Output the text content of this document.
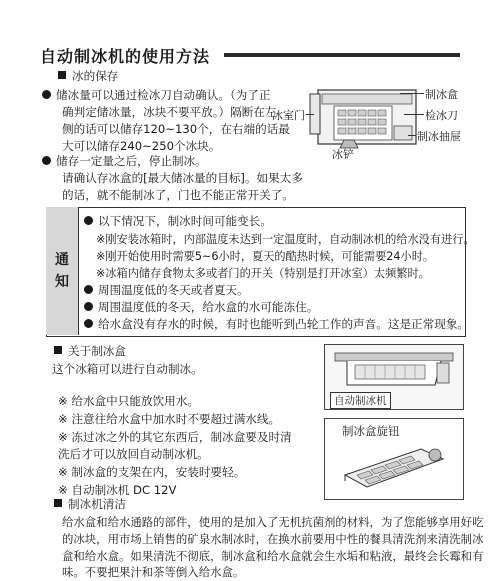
自动制冰机的使用方法
冰的保存
储冰量可以通过检冰刀自动确认。（为了正
确判定储冰量，冰块不要平放。）隔断在左
侧的话可以储存120~130个，在右端的话最
大可以储存240~250个冰块。
储存一定量之后，停止制冰。
请确认存冰盒的[最大储冰量的目标]。如果太多
的话，就不能制冰了，门也不能正常开关了。
冰室门
冰铲
制冰盒
检冰刀
制冰抽屉
通
知
以下情况下，制冰时间可能变长。
※刚安装冰箱时，内部温度未达到一定温度时，自动制冰机的给水没有进行。
※刚开始使用时需要5~6小时，夏天的酷热时候，可能需要24小时。
※冰箱内储存食物太多或者门的开关（特别是打开冰室）太频繁时。
周围温度低的冬天或者夏天。
周围温度低的冬天，给水盒的水可能冻住。
给水盒没有存水的时候，有时也能听到凸轮工作的声音。这是正常现象。
关于制冰盒
这个冰箱可以进行自动制冰。
※ 给水盒中只能放饮用水。
※ 注意往给水盒中加水时不要超过满水线。
※ 冻过冰之外的其它东西后，制冰盒要及时清
洗后才可以放回自动制冰机。
※ 制冰盒的支架在内，安装时要轻。
※ 自动制冰机 DC 12V
自动制冰机
制冰盒旋钮
制冰机清洁
给水盒和给水通路的部件，使用的是加入了无机抗菌剂的材料，为了您能够享用好吃
的冰块，用市场上销售的矿泉水制冰时，在换水前要用中性的餐具清洗剂来清洗制冰
盒和给水盒。如果清洗不彻底，制冰盒和给水盒就会生水垢和粘液，最终会长霉和有
味。不要把果汁和茶等倒入给水盒。
